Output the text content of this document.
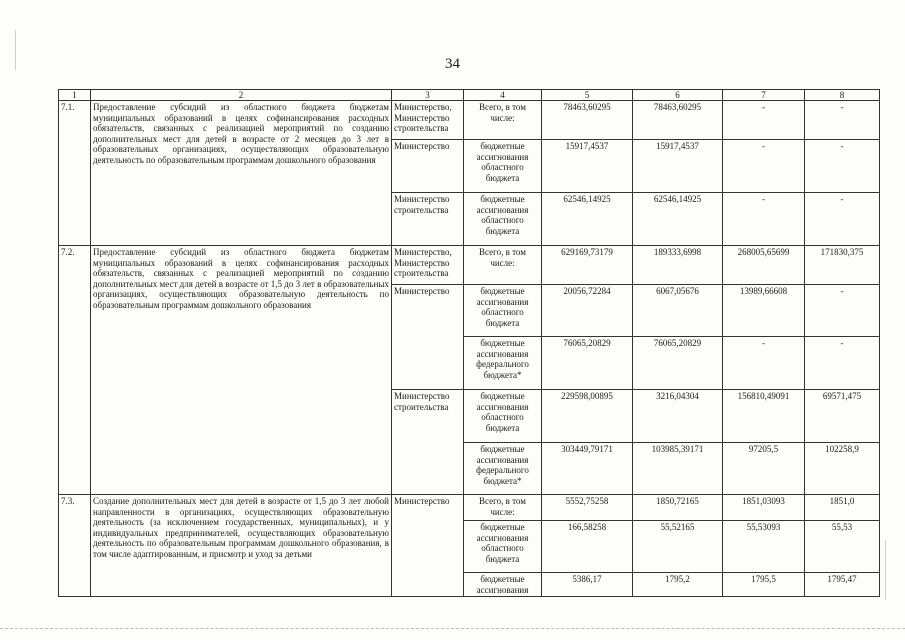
34
1	2	3	4	5	6	7	8
7.1.	Предоставление субсидий из областного бюджета бюджетам муниципальных образований в целях софинансирования расходных обязательств, связанных с реализацией мероприятий по созданию дополнительных мест для детей в возрасте от 2 месяцев до 3 лет в образовательных организациях, осуществляющих образовательную деятельность по образовательным программам дошкольного образования	Министерство, Министерство строительства	Всего, в том числе:	78463,60295	78463,60295	-	-
		Министерство	бюджетные ассигнования областного бюджета	15917,4537	15917,4537	-	-
		Министерство строительства	бюджетные ассигнования областного бюджета	62546,14925	62546,14925	-	-
7.2.	Предоставление субсидий из областного бюджета бюджетам муниципальных образований в целях софинансирования расходных обязательств, связанных с реализацией мероприятий по созданию дополнительных мест для детей в возрасте от 1,5 до 3 лет в образовательных организациях, осуществляющих образовательную деятельность по образовательным программам дошкольного образования	Министерство, Министерство строительства	Всего, в том числе:	629169,73179	189333,6998	268005,65699	171830,375
		Министерство	бюджетные ассигнования областного бюджета	20056,72284	6067,05676	13989,66608	-
			бюджетные ассигнования федерального бюджета*	76065,20829	76065,20829	-	-
		Министерство строительства	бюджетные ассигнования областного бюджета	229598,00895	3216,04304	156810,49091	69571,475
			бюджетные ассигнования федерального бюджета*	303449,79171	103985,39171	97205,5	102258,9
7.3.	Создание дополнительных мест для детей в возрасте от 1,5 до 3 лет любой направленности в организациях, осуществляющих образовательную деятельность (за исключением государственных, муниципальных), и у индивидуальных предпринимателей, осуществляющих образовательную деятельность по образовательным программам дошкольного образования, в том числе адаптированным, и присмотр и уход за детьми	Министерство	Всего, в том числе:	5552,75258	1850,72165	1851,03093	1851,0
			бюджетные ассигнования областного бюджета	166,58258	55,52165	55,53093	55,53
			бюджетные ассигнования	5386,17	1795,2	1795,5	1795,47
